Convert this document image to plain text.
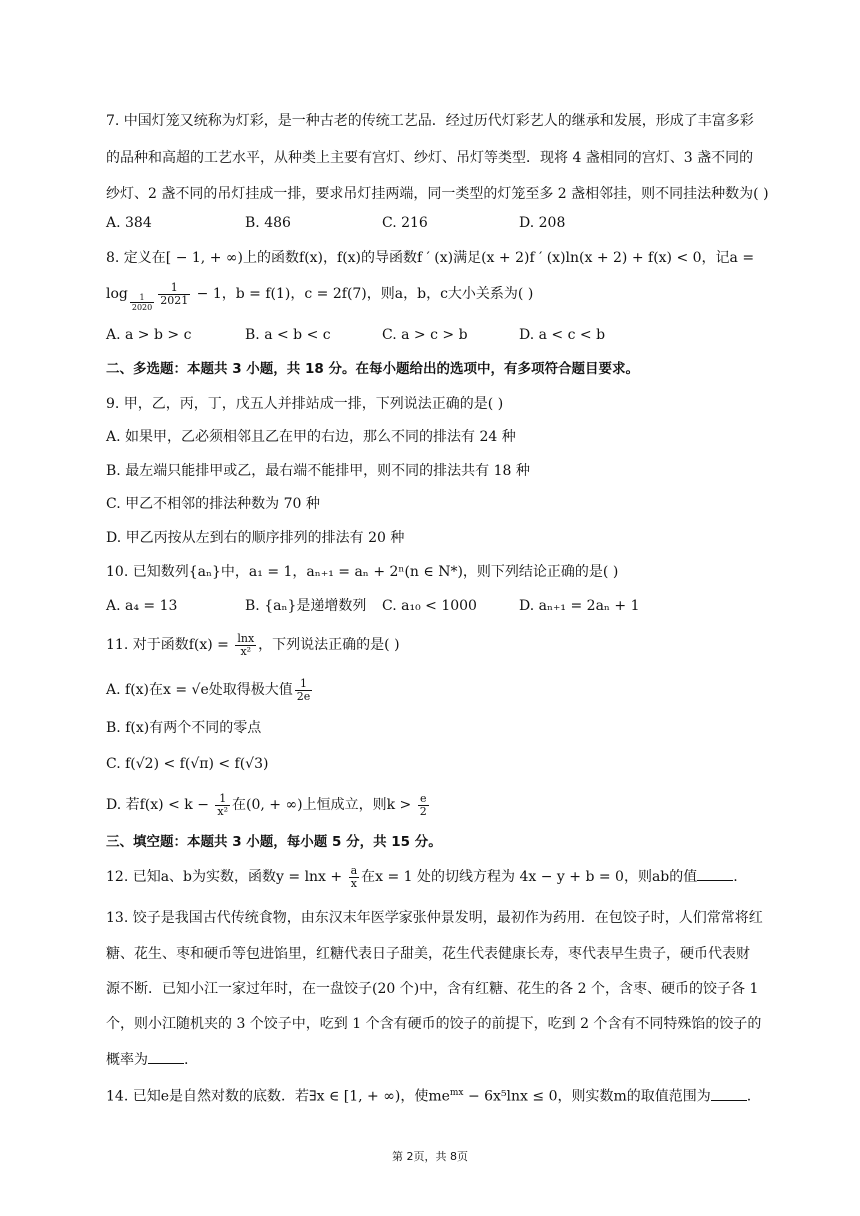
7. 中国灯笼又统称为灯彩，是一种古老的传统工艺品．经过历代灯彩艺人的继承和发展，形成了丰富多彩
的品种和高超的工艺水平，从种类上主要有宫灯、纱灯、吊灯等类型．现将 4 盏相同的宫灯、3 盏不同的
纱灯、2 盏不同的吊灯挂成一排，要求吊灯挂两端，同一类型的灯笼至多 2 盏相邻挂，则不同挂法种数为( )
A. 384	B. 486	C. 216	D. 208
8. 定义在[ − 1, + ∞)上的函数f(x)，f(x)的导函数f ′ (x)满足(x + 2)f ′ (x)ln(x + 2) + f(x) < 0，记a =
$\log \frac{1}{2020} \frac{1}{2021} - 1$，b = f(1)，c = 2f(7)，则a，b，c大小关系为( )
A. a > b > c	B. a < b < c	C. a > c > b	D. a < c < b
二、多选题：本题共 3 小题，共 18 分。在每小题给出的选项中，有多项符合题目要求。
9. 甲，乙，丙，丁，戊五人并排站成一排，下列说法正确的是( )
A. 如果甲，乙必须相邻且乙在甲的右边，那么不同的排法有 24 种
B. 最左端只能排甲或乙，最右端不能排甲，则不同的排法共有 18 种
C. 甲乙不相邻的排法种数为 70 种
D. 甲乙丙按从左到右的顺序排列的排法有 20 种
10. 已知数列{aₙ}中，a₁ = 1，aₙ₊₁ = aₙ + 2ⁿ(n ∈ N*)，则下列结论正确的是( )
A. a₄ = 13	B. {aₙ}是递增数列 C. a₁₀ < 1000	D. aₙ₊₁ = 2aₙ + 1
11. 对于函数$f(x) = \frac{\ln x}{\text{x²}}$ ，下列说法正确的是( )
A. f(x)在x = √e处取得极大值 $\frac{1}{2e}$
B. f(x)有两个不同的零点
C. f(√2) < f(√π) < f(√3)
D. 若$f(x) < k - \frac{1}{\text{x²}}$ 在(0, + ∞)上恒成立，则$k > \frac{e}{2}$
三、填空题：本题共 3 小题，每小题 5 分，共 15 分。
12. 已知a、b为实数，函数$y = \ln x + \frac{a}{x}$ 在x = 1 处的切线方程为 4x − y + b = 0，则ab的值	.
13. 饺子是我国古代传统食物，由东汉末年医学家张仲景发明，最初作为药用．在包饺子时，人们常常将红
糖、花生、枣和硬币等包进馅里，红糖代表日子甜美，花生代表健康长寿，枣代表早生贵子，硬币代表财
源不断．已知小江一家过年时，在一盘饺子(20 个)中，含有红糖、花生的各 2 个，含枣、硬币的饺子各 1
个，则小江随机夹的 3 个饺子中，吃到 1 个含有硬币的饺子的前提下，吃到 2 个含有不同特殊馅的饺子的
概率为	.
14. 已知e是自然对数的底数．若∃x ∈ [1, + ∞)，使$me^{mx} - 6x^5\ln x \le 0$，则实数m的取值范围为	.
第 2页，共 8页
